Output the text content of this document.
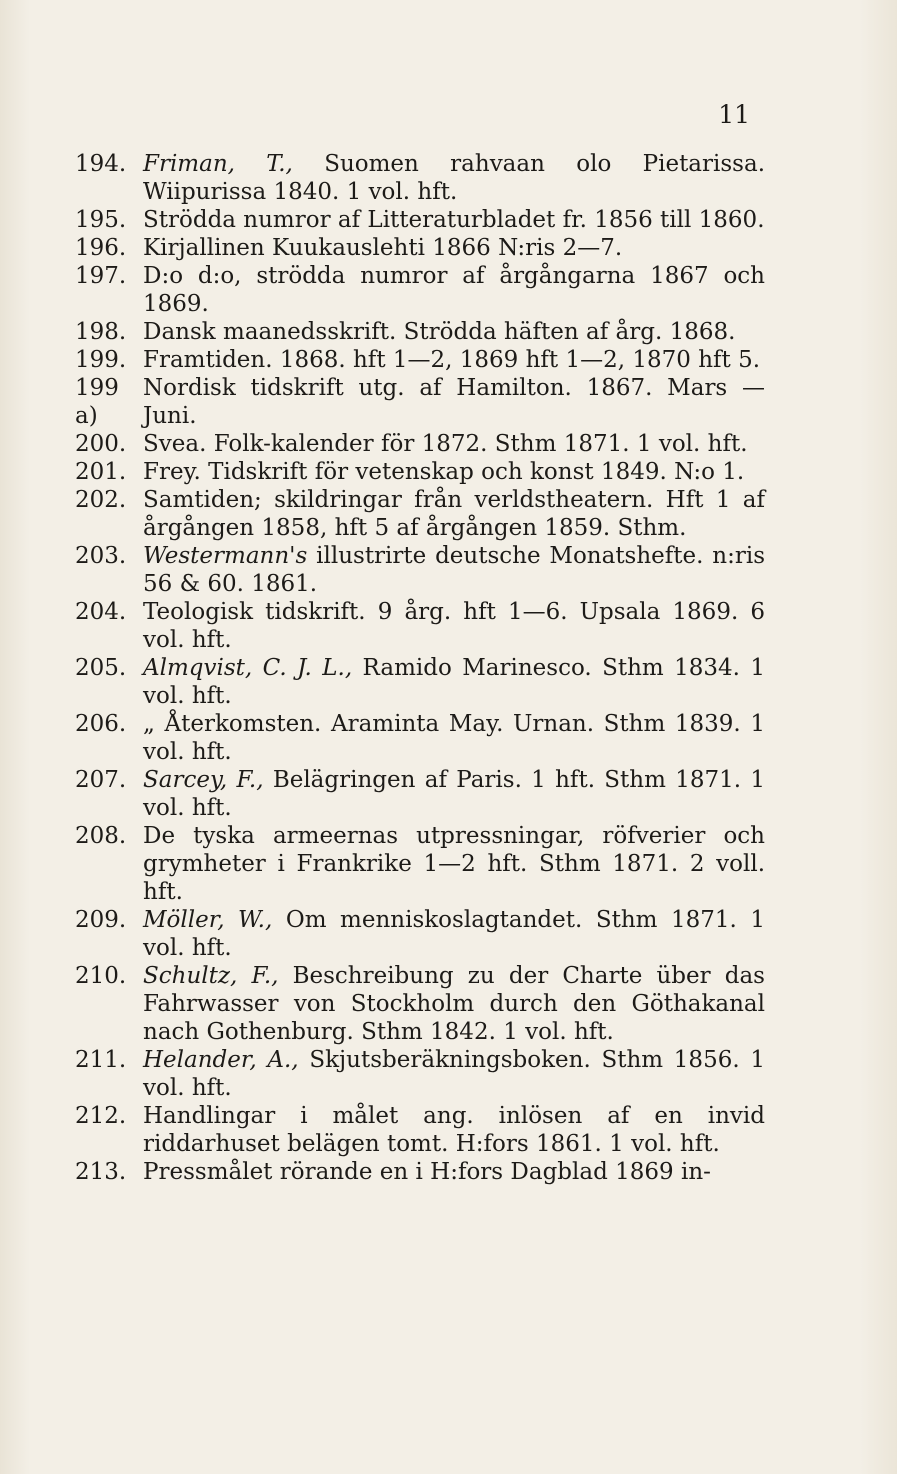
11
194. Friman, T., Suomen rahvaan olo Pietarissa. Wiipurissa 1840. 1 vol. hft.
195. Strödda numror af Litteraturbladet fr. 1856 till 1860.
196. Kirjallinen Kuukauslehti 1866 N:ris 2—7.
197. D:o d:o, strödda numror af årgångarna 1867 och 1869.
198. Dansk maanedsskrift. Strödda häften af årg. 1868.
199. Framtiden. 1868. hft 1—2, 1869 hft 1—2, 1870 hft 5.
199 a)
Nordisk tidskrift utg. af Hamilton. 1867. Mars —Juni.
200. Svea. Folk-kalender för 1872. Sthm 1871. 1 vol. hft.
201. Frey. Tidskrift för vetenskap och konst 1849. N:o 1.
202. Samtiden; skildringar från verldstheatern. Hft 1 af årgången 1858, hft 5 af årgången 1859. Sthm.
203. Westermann's illustrirte deutsche Monatshefte. n:ris 56 & 60. 1861.
204. Teologisk tidskrift. 9 årg. hft 1—6. Upsala 1869. 6 vol. hft.
205. Almqvist, C. J. L., Ramido Marinesco. Sthm 1834. 1 vol. hft.
206. „ Återkomsten. Araminta May. Urnan. Sthm 1839. 1 vol. hft.
207. Sarcey, F., Belägringen af Paris. 1 hft. Sthm 1871. 1 vol. hft.
208. De tyska armeernas utpressningar, röfverier och grymheter i Frankrike 1—2 hft. Sthm 1871. 2 voll. hft.
209. Möller, W., Om menniskoslagtandet. Sthm 1871. 1 vol. hft.
210. Schultz, F., Beschreibung zu der Charte über das Fahrwasser von Stockholm durch den Göthakanal nach Gothenburg. Sthm 1842. 1 vol. hft.
211. Helander, A., Skjutsberäkningsboken. Sthm 1856. 1 vol. hft.
212. Handlingar i målet ang. inlösen af en invid riddarhuset belägen tomt. H:fors 1861. 1 vol. hft.
213. Pressmålet rörande en i H:fors Dagblad 1869 in-
